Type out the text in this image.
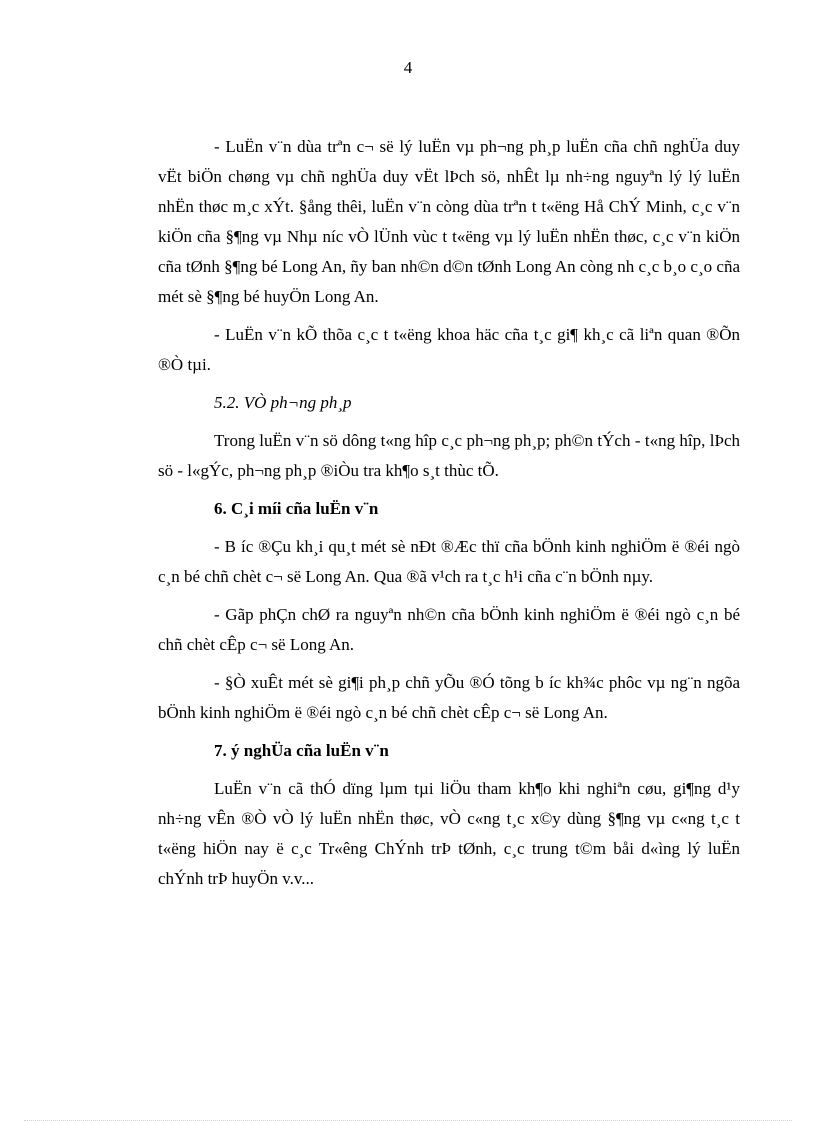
4

- LuËn v¨n dùa trªn c¬ së lý luËn vµ ph¬ng ph¸p luËn cña chñ nghÜa duy vËt biÖn chøng vµ chñ nghÜa duy vËt lÞch sö, nhÊt lµ nh÷ng nguyªn lý lý luËn nhËn thøc m¸c xÝt. §ång thêi, luËn v¨n còng dùa trªn t t«ëng Hå ChÝ Minh, c¸c v¨n kiÖn cña §¶ng vµ Nhµ níc vÒ lÜnh vùc t t«ëng vµ lý luËn nhËn thøc, c¸c v¨n kiÖn cña tØnh §¶ng bé Long An, ñy ban nh©n d©n tØnh Long An còng nh c¸c b¸o c¸o cña mét sè §¶ng bé huyÖn Long An.

- LuËn v¨n kÕ thõa c¸c t t«ëng khoa häc cña t¸c gi¶ kh¸c cã liªn quan ®Õn ®Ò tµi.

5.2. VÒ ph¬ng ph¸p

Trong luËn v¨n sö dông t«ng hîp c¸c ph¬ng ph¸p; ph©n tÝch - t«ng hîp, lÞch sö - l«gÝc, ph¬ng ph¸p ®iÒu tra kh¶o s¸t thùc tÕ.

6. C¸i míi cña luËn v¨n

- B íc ®Çu kh¸i qu¸t mét sè nÐt ®Æc thï cña bÖnh kinh nghiÖm ë ®éi ngò c¸n bé chñ chèt c¬ së Long An. Qua ®ã v¹ch ra t¸c h¹i cña c¨n bÖnh nµy.

- Gãp phÇn chØ ra nguyªn nh©n cña bÖnh kinh nghiÖm ë ®éi ngò c¸n bé chñ chèt cÊp c¬ së Long An.

- §Ò xuÊt mét sè gi¶i ph¸p chñ yÕu ®Ó tõng b íc kh¾c phôc vµ ng¨n ngõa bÖnh kinh nghiÖm ë ®éi ngò c¸n bé chñ chèt cÊp c¬ së Long An.

7. ý nghÜa cña luËn v¨n

LuËn v¨n cã thÓ dïng lµm tµi liÖu tham kh¶o khi nghiªn cøu, gi¶ng d¹y nh÷ng vÊn ®Ò vÒ lý luËn nhËn thøc, vÒ c«ng t¸c x©y dùng §¶ng vµ c«ng t¸c t t«ëng hiÖn nay ë c¸c Tr«êng ChÝnh trÞ tØnh, c¸c trung t©m båi d«ìng lý luËn chÝnh trÞ huyÖn v.v...
